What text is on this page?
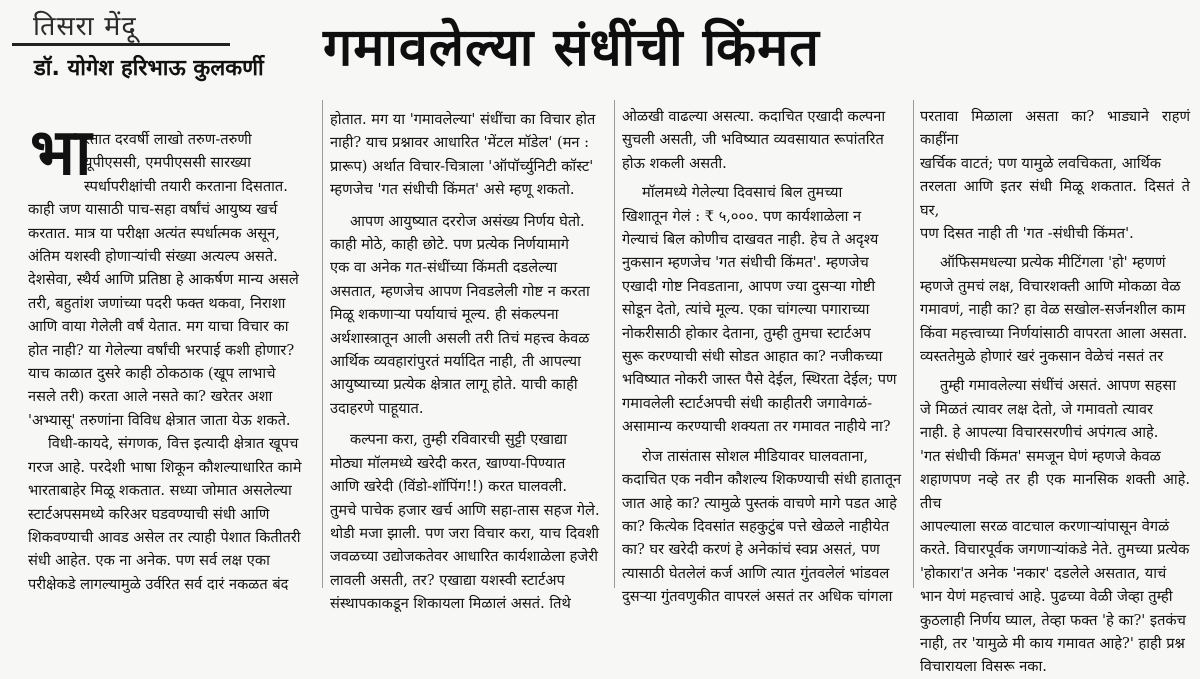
तिसरा मेंदू
डॉ. योगेश हरिभाऊ कुलकर्णी गमावलेल्या संधींची किंमत
भा

रतात दरवर्षी लाखो तरुण-तरुणी
यूपीएससी, एमपीएससी सारख्या
स्पर्धापरीक्षांची तयारी करताना दिसतात.

काही जण यासाठी पाच-सहा वर्षांचं आयुष्य खर्च
करतात. मात्र या परीक्षा अत्यंत स्पर्धात्मक असून,
अंतिम यशस्वी होणाऱ्यांची संख्या अत्यल्प असते.
देशसेवा, स्थैर्य आणि प्रतिष्ठा हे आकर्षण मान्य असले
तरी, बहुतांश जणांच्या पदरी फक्त थकवा, निराशा
आणि वाया गेलेली वर्षं येतात. मग याचा विचार का
होत नाही? या गेलेल्या वर्षांची भरपाई कशी होणार?
याच काळात दुसरे काही ठोकठाक (खूप लाभाचे
नसले तरी) करता आले नसते का? खरेतर अशा
'अभ्यासू' तरुणांना विविध क्षेत्रात जाता येऊ शकते.

विधी-कायदे, संगणक, वित्त इत्यादी क्षेत्रात खूपच
गरज आहे. परदेशी भाषा शिकून कौशल्याधारित कामे
भारताबाहेर मिळू शकतात. सध्या जोमात असलेल्या
स्टार्टअपसमध्ये करिअर घडवण्याची संधी आणि
शिकवण्याची आवड असेल तर त्याही पेशात कितीतरी
संधी आहेत. एक ना अनेक. पण सर्व लक्ष एका
परीक्षेकडे लागल्यामुळे उर्वरित सर्व दारं नकळत बंद

होतात. मग या 'गमावलेल्या' संधींचा का विचार होत
नाही? याच प्रश्नावर आधारित 'मेंटल मॉडेल' (मन :
प्रारूप) अर्थात विचार-चित्राला 'ऑपॉर्च्युनिटी कॉस्ट'
म्हणजेच 'गत संधीची किंमत' असे म्हणू शकतो.

आपण आयुष्यात दररोज असंख्य निर्णय घेतो.
काही मोठे, काही छोटे. पण प्रत्येक निर्णयामागे
एक वा अनेक गत-संधींच्या किंमती दडलेल्या
असतात, म्हणजेच आपण निवडलेली गोष्ट न करता
मिळू शकणाऱ्या पर्यायाचं मूल्य. ही संकल्पना
अर्थशास्त्रातून आली असली तरी तिचं महत्त्व केवळ
आर्थिक व्यवहारांपुरतं मर्यादित नाही, ती आपल्या
आयुष्याच्या प्रत्येक क्षेत्रात लागू होते. याची काही
उदाहरणे पाहूयात.

कल्पना करा, तुम्ही रविवारची सुट्टी एखाद्या
मोठ्या मॉलमध्ये खरेदी करत, खाण्या-पिण्यात
आणि खरेदी (विंडो-शॉपिंग!!) करत घालवली.
तुमचे पाचेक हजार खर्च आणि सहा-तास सहज गेले.
थोडी मजा झाली. पण जरा विचार करा, याच दिवशी
जवळच्या उद्योजकतेवर आधारित कार्यशाळेला हजेरी
लावली असती, तर? एखाद्या यशस्वी स्टार्टअप
संस्थापकाकडून शिकायला मिळालं असतं. तिथे

ओळखी वाढल्या असत्या. कदाचित एखादी कल्पना
सुचली असती, जी भविष्यात व्यवसायात रूपांतरित
होऊ शकली असती.

मॉलमध्ये गेलेल्या दिवसाचं बिल तुमच्या
खिशातून गेलं : ₹ ५,०००. पण कार्यशाळेला न
गेल्याचं बिल कोणीच दाखवत नाही. हेच ते अदृश्य
नुकसान म्हणजेच 'गत संधीची किंमत'. म्हणजेच
एखादी गोष्ट निवडताना, आपण ज्या दुसऱ्या गोष्टी
सोडून देतो, त्यांचे मूल्य. एका चांगल्या पगाराच्या
नोकरीसाठी होकार देताना, तुम्ही तुमचा स्टार्टअप
सुरू करण्याची संधी सोडत आहात का? नजीकच्या
भविष्यात नोकरी जास्त पैसे देईल, स्थिरता देईल; पण
गमावलेली स्टार्टअपची संधी काहीतरी जगावेगळं-
असामान्य करण्याची शक्यता तर गमावत नाहीये ना?

रोज तासंतास सोशल मीडियावर घालवताना,
कदाचित एक नवीन कौशल्य शिकण्याची संधी हातातून
जात आहे का? त्यामुळे पुस्तकं वाचणे मागे पडत आहे
का? कित्येक दिवसांत सहकुटुंब पत्ते खेळले नाहीयेत
का? घर खरेदी करणं हे अनेकांचं स्वप्न असतं, पण
त्यासाठी घेतलेलं कर्ज आणि त्यात गुंतवलेलं भांडवल
दुसऱ्या गुंतवणुकीत वापरलं असतं तर अधिक चांगला

परतावा मिळाला असता का? भाड्याने राहणं काहींना
खर्चिक वाटतं; पण यामुळे लवचिकता, आर्थिक
तरलता आणि इतर संधी मिळू शकतात. दिसतं ते घर,
पण दिसत नाही ती 'गत -संधीची किंमत'.

ऑफिसमधल्या प्रत्येक मीटिंगला 'हो' म्हणणं
म्हणजे तुमचं लक्ष, विचारशक्ती आणि मोकळा वेळ
गमावणं, नाही का? हा वेळ सखोल-सर्जनशील काम
किंवा महत्त्वाच्या निर्णयांसाठी वापरता आला असता.
व्यस्ततेमुळे होणारं खरं नुकसान वेळेचं नसतं तर

तुम्ही गमावलेल्या संधींचं असतं. आपण सहसा
जे मिळतं त्यावर लक्ष देतो, जे गमावतो त्यावर
नाही. हे आपल्या विचारसरणीचं अपंगत्व आहे.
'गत संधीची किंमत' समजून घेणं म्हणजे केवळ
शहाणपण नव्हे तर ही एक मानसिक शक्ती आहे. तीच
आपल्याला सरळ वाटचाल करणाऱ्यांपासून वेगळं
करते. विचारपूर्वक जगणाऱ्यांकडे नेते. तुमच्या प्रत्येक
'होकारा'त अनेक 'नकार' दडलेले असतात, याचं
भान येणं महत्त्वाचं आहे. पुढच्या वेळी जेव्हा तुम्ही
कुठलाही निर्णय घ्याल, तेव्हा फक्त 'हे का?' इतकंच
नाही, तर 'यामुळे मी काय गमावत आहे?' हाही प्रश्न
विचारायला विसरू नका.
